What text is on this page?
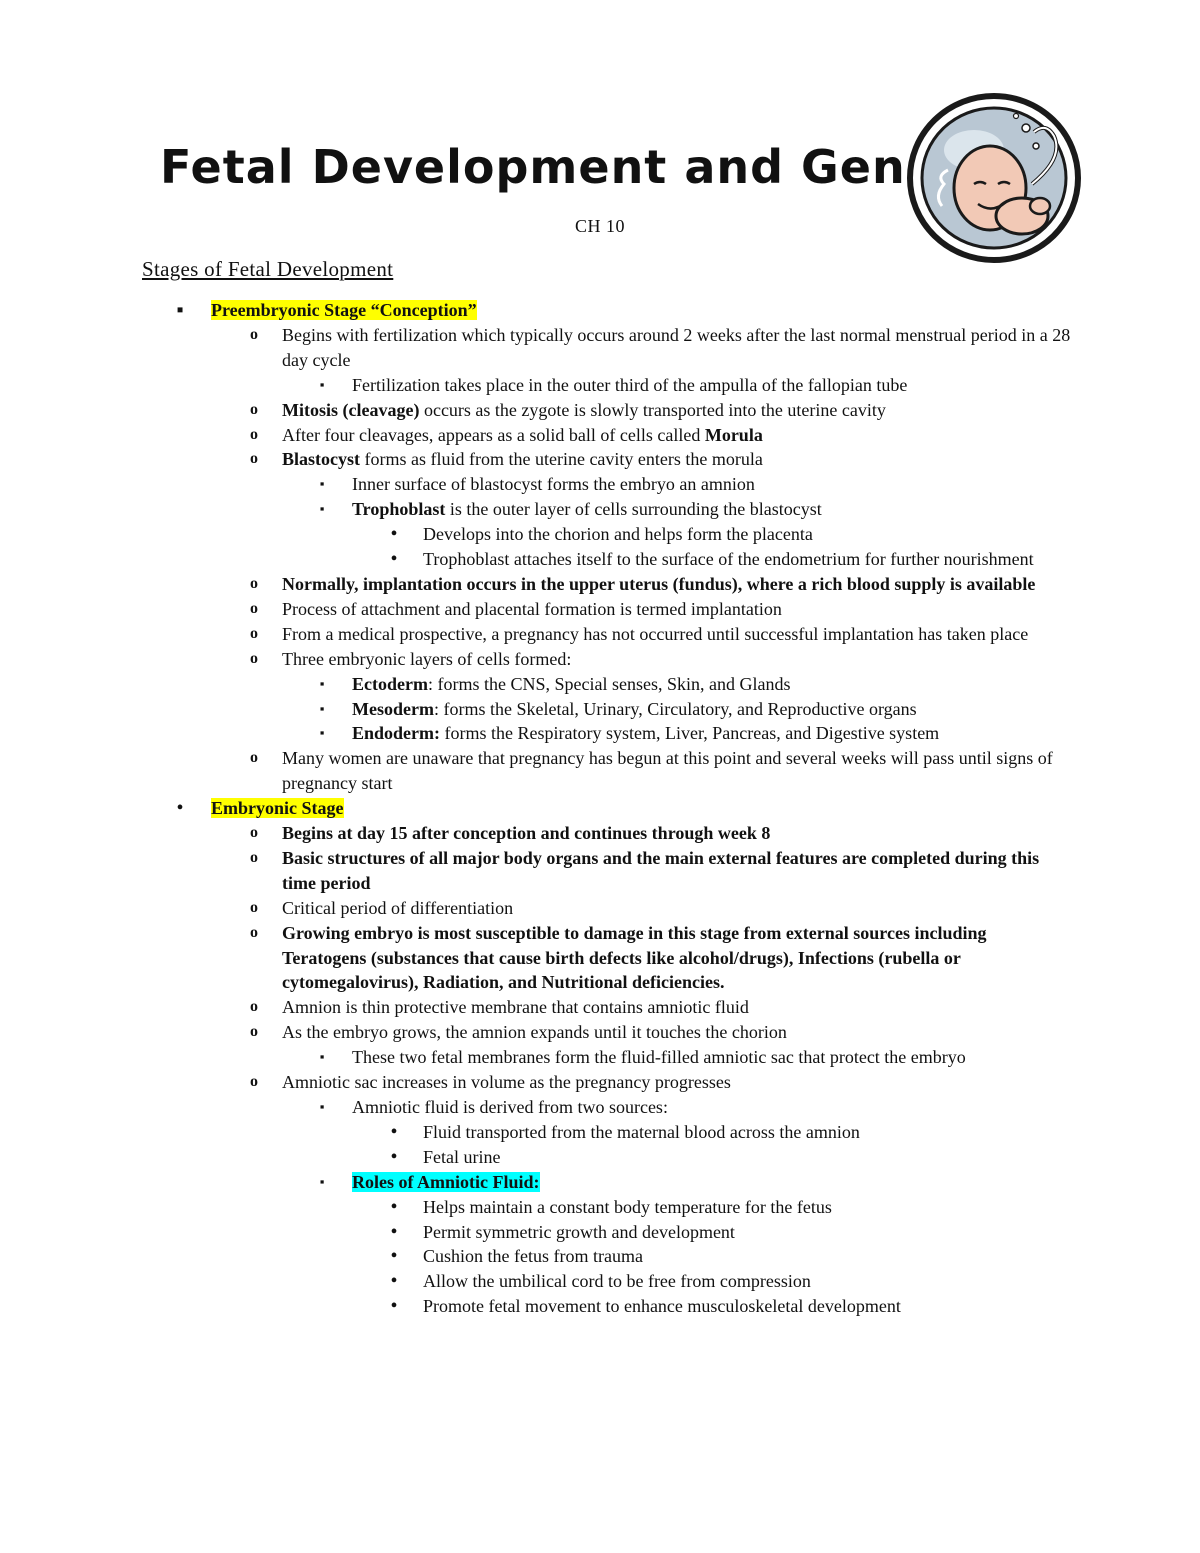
Fetal Development and Gen
CH 10
Stages of Fetal Development
▪	Preembryonic Stage “Conception”
o	Begins with fertilization which typically occurs around 2 weeks after the last normal menstrual period in a 28 day cycle
▪	Fertilization takes place in the outer third of the ampulla of the fallopian tube
o	Mitosis (cleavage) occurs as the zygote is slowly transported into the uterine cavity
o	After four cleavages, appears as a solid ball of cells called Morula
o	Blastocyst forms as fluid from the uterine cavity enters the morula
▪	Inner surface of blastocyst forms the embryo an amnion
▪	Trophoblast is the outer layer of cells surrounding the blastocyst
•	Develops into the chorion and helps form the placenta
•	Trophoblast attaches itself to the surface of the endometrium for further nourishment
o	Normally, implantation occurs in the upper uterus (fundus), where a rich blood supply is available
o	Process of attachment and placental formation is termed implantation
o	From a medical prospective, a pregnancy has not occurred until successful implantation has taken place
o	Three embryonic layers of cells formed:
▪	Ectoderm: forms the CNS, Special senses, Skin, and Glands
▪	Mesoderm: forms the Skeletal, Urinary, Circulatory, and Reproductive organs
▪	Endoderm: forms the Respiratory system, Liver, Pancreas, and Digestive system
o	Many women are unaware that pregnancy has begun at this point and several weeks will pass until signs of pregnancy start
•	Embryonic Stage
o	Begins at day 15 after conception and continues through week 8
o	Basic structures of all major body organs and the main external features are completed during this time period
o	Critical period of differentiation
o	Growing embryo is most susceptible to damage in this stage from external sources including Teratogens (substances that cause birth defects like alcohol/drugs), Infections (rubella or cytomegalovirus), Radiation, and Nutritional deficiencies.
o	Amnion is thin protective membrane that contains amniotic fluid
o	As the embryo grows, the amnion expands until it touches the chorion
▪	These two fetal membranes form the fluid-filled amniotic sac that protect the embryo
o	Amniotic sac increases in volume as the pregnancy progresses
▪	Amniotic fluid is derived from two sources:
•	Fluid transported from the maternal blood across the amnion
•	Fetal urine
▪	Roles of Amniotic Fluid:
•	Helps maintain a constant body temperature for the fetus
•	Permit symmetric growth and development
•	Cushion the fetus from trauma
•	Allow the umbilical cord to be free from compression
•	Promote fetal movement to enhance musculoskeletal development
